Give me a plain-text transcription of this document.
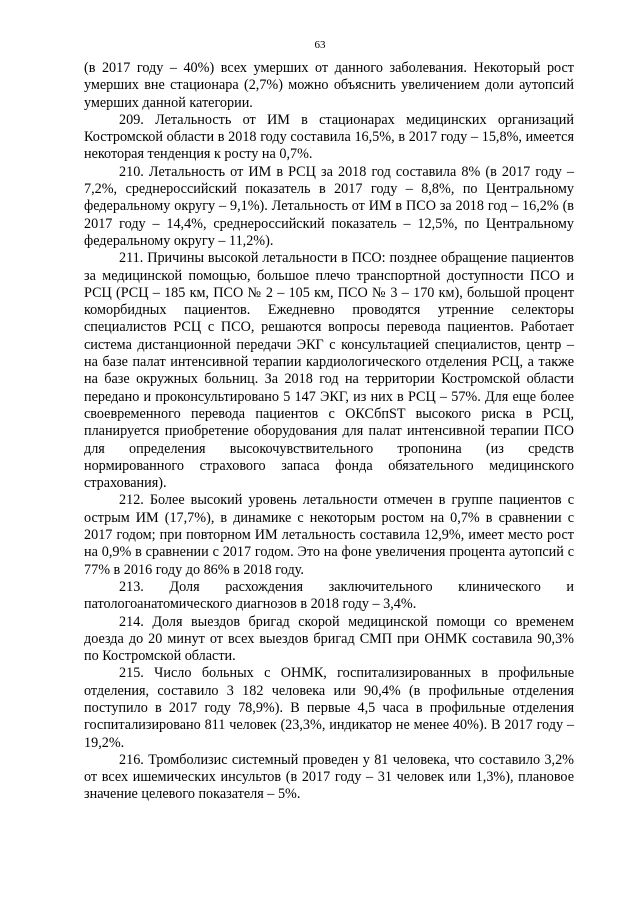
63

(в 2017 году – 40%) всех умерших от данного заболевания. Некоторый рост умерших вне стационара (2,7%) можно объяснить увеличением доли аутопсий умерших данной категории.

209. Летальность от ИМ в стационарах медицинских организаций Костромской области в 2018 году составила 16,5%, в 2017 году – 15,8%, имеется некоторая тенденция к росту на 0,7%.

210. Летальность от ИМ в РСЦ за 2018 год составила 8% (в 2017 году – 7,2%, среднероссийский показатель в 2017 году – 8,8%, по Центральному федеральному округу – 9,1%). Летальность от ИМ в ПСО за 2018 год – 16,2% (в 2017 году – 14,4%, среднероссийский показатель – 12,5%, по Центральному федеральному округу – 11,2%).

211. Причины высокой летальности в ПСО: позднее обращение пациентов за медицинской помощью, большое плечо транспортной доступности ПСО и РСЦ (РСЦ – 185 км, ПСО № 2 – 105 км, ПСО № 3 – 170 км), большой процент коморбидных пациентов. Ежедневно проводятся утренние селекторы специалистов РСЦ с ПСО, решаются вопросы перевода пациентов. Работает система дистанционной передачи ЭКГ с консультацией специалистов, центр – на базе палат интенсивной терапии кардиологического отделения РСЦ, а также на базе окружных больниц. За 2018 год на территории Костромской области передано и проконсультировано 5 147 ЭКГ, из них в РСЦ – 57%. Для еще более своевременного перевода пациентов с ОКСбпST высокого риска в РСЦ, планируется приобретение оборудования для палат интенсивной терапии ПСО для определения высокочувствительного тропонина (из средств нормированного страхового запаса фонда обязательного медицинского страхования).

212. Более высокий уровень летальности отмечен в группе пациентов с острым ИМ (17,7%), в динамике с некоторым ростом на 0,7% в сравнении с 2017 годом; при повторном ИМ летальность составила 12,9%, имеет место рост на 0,9% в сравнении с 2017 годом. Это на фоне увеличения процента аутопсий с 77% в 2016 году до 86% в 2018 году.

213. Доля расхождения заключительного клинического и патологоанатомического диагнозов в 2018 году – 3,4%.

214. Доля выездов бригад скорой медицинской помощи со временем доезда до 20 минут от всех выездов бригад СМП при ОНМК составила 90,3% по Костромской области.

215. Число больных с ОНМК, госпитализированных в профильные отделения, составило 3 182 человека или 90,4% (в профильные отделения поступило в 2017 году 78,9%). В первые 4,5 часа в профильные отделения госпитализировано 811 человек (23,3%, индикатор не менее 40%). В 2017 году – 19,2%.

216. Тромболизис системный проведен у 81 человека, что составило 3,2% от всех ишемических инсультов (в 2017 году – 31 человек или 1,3%), плановое значение целевого показателя – 5%.
